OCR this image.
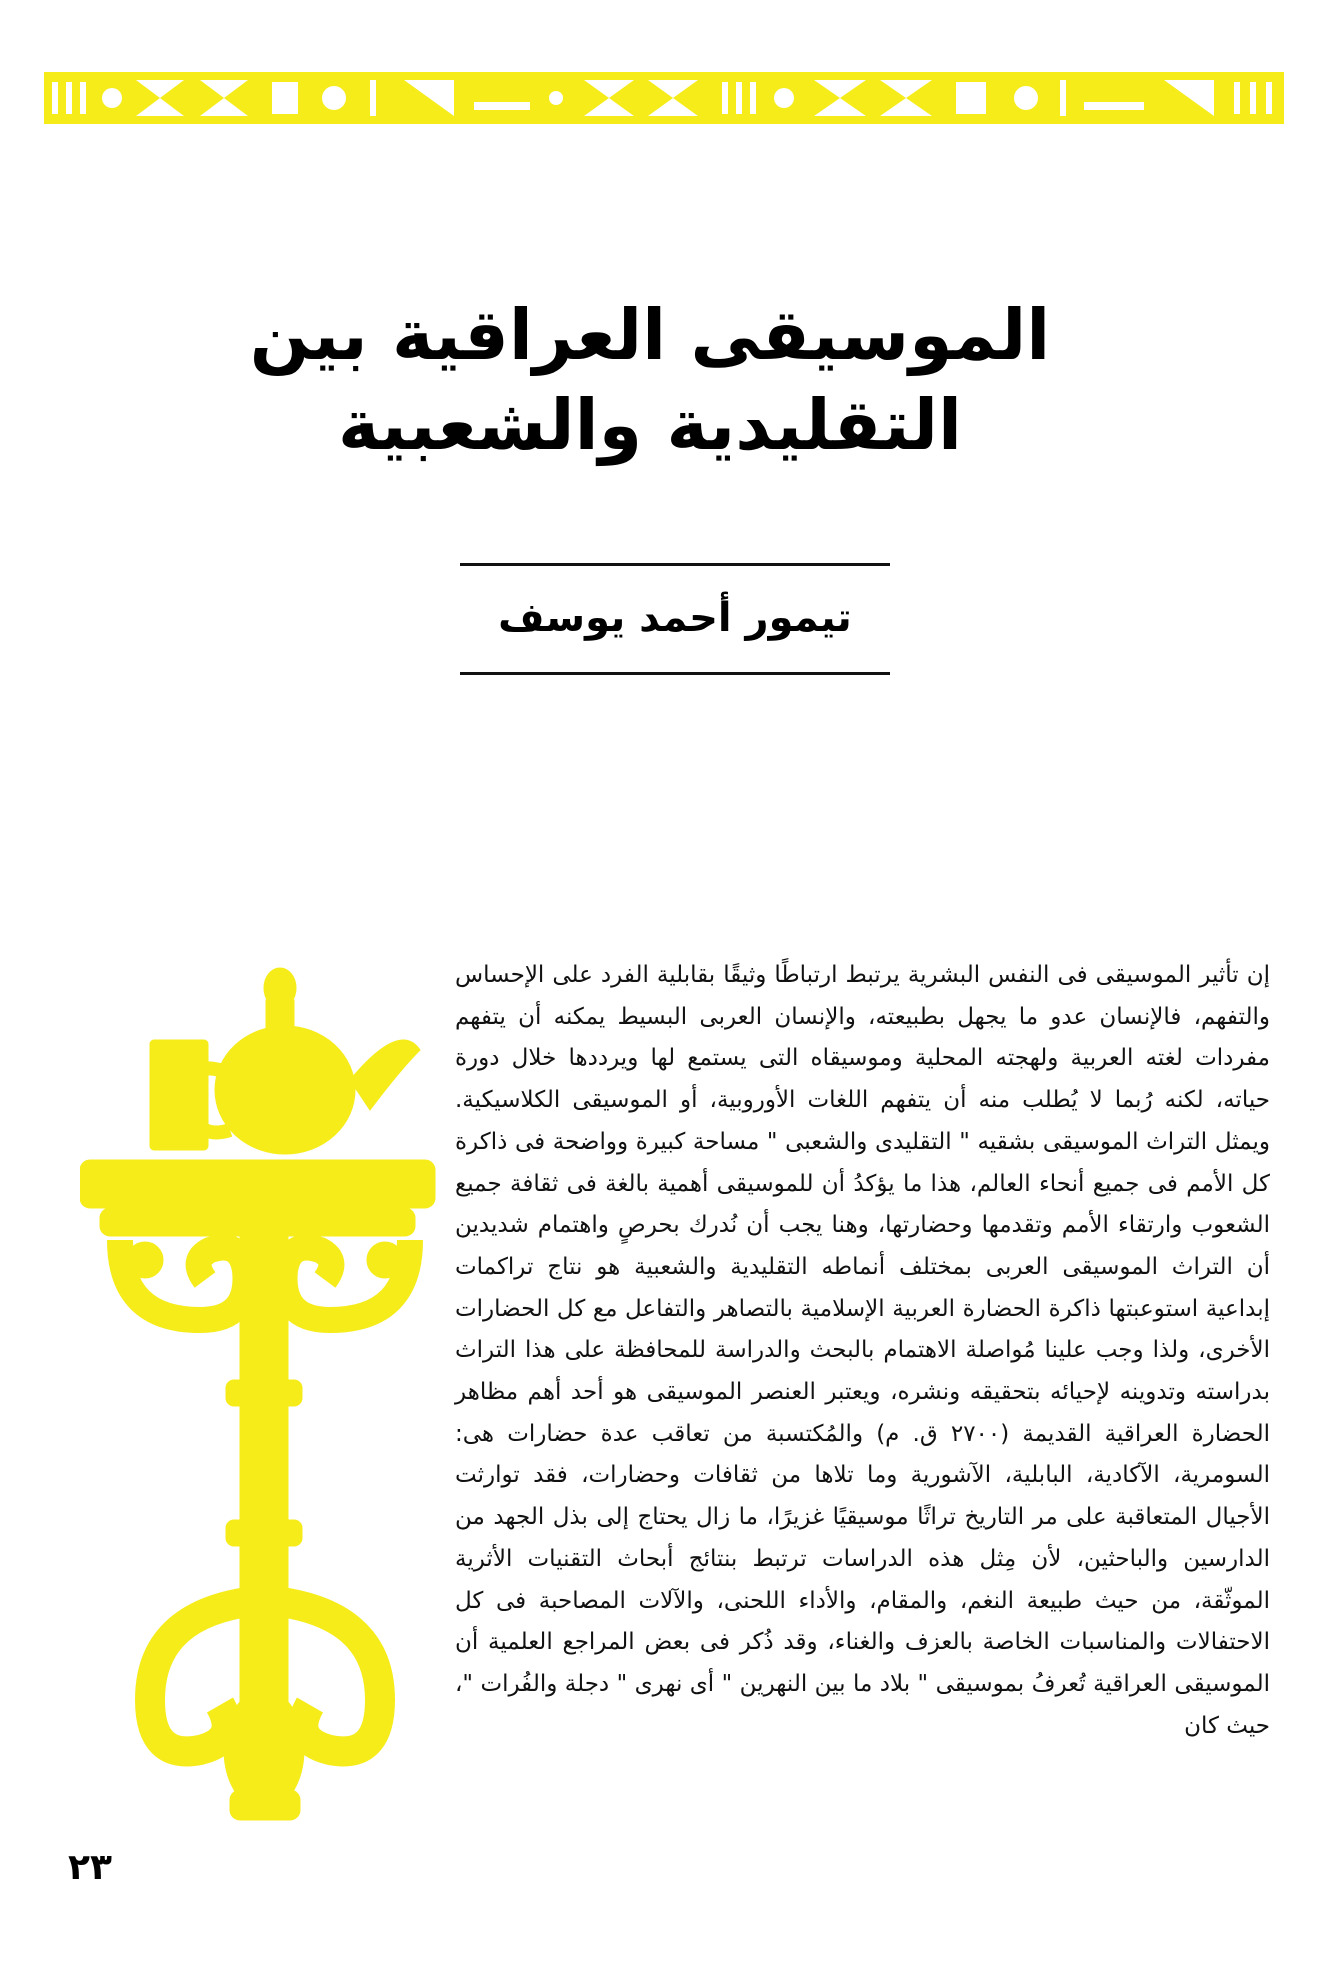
الموسيقى العراقية بين التقليدية والشعبية
تيمور أحمد يوسف

إن تأثير الموسيقى فى النفس البشرية يرتبط ارتباطًا وثيقًا بقابلية الفرد على الإحساس والتفهم، فالإنسان عدو ما يجهل بطبيعته، والإنسان العربى البسيط يمكنه أن يتفهم مفردات لغته العربية ولهجته المحلية وموسيقاه التى يستمع لها ويرددها خلال دورة حياته، لكنه رُبما لا يُطلب منه أن يتفهم اللغات الأوروبية، أو الموسيقى الكلاسيكية. ويمثل التراث الموسيقى بشقيه " التقليدى والشعبى " مساحة كبيرة وواضحة فى ذاكرة كل الأمم فى جميع أنحاء العالم، هذا ما يؤكدُ أن للموسيقى أهمية بالغة فى ثقافة جميع الشعوب وارتقاء الأمم وتقدمها وحضارتها، وهنا يجب أن نُدرك بحرصٍ واهتمام شديدين أن التراث الموسيقى العربى بمختلف أنماطه التقليدية والشعبية هو نتاج تراكمات إبداعية استوعبتها ذاكرة الحضارة العربية الإسلامية بالتصاهر والتفاعل مع كل الحضارات الأخرى، ولذا وجب علينا مُواصلة الاهتمام بالبحث والدراسة للمحافظة على هذا التراث بدراسته وتدوينه لإحيائه بتحقيقه ونشره، ويعتبر العنصر الموسيقى هو أحد أهم مظاهر الحضارة العراقية القديمة (٢٧٠٠ ق. م) والمُكتسبة من تعاقب عدة حضارات هى: السومرية، الآكادية، البابلية، الآشورية وما تلاها من ثقافات وحضارات، فقد توارثت الأجيال المتعاقبة على مر التاريخ تراثًا موسيقيًا غزيرًا، ما زال يحتاج إلى بذل الجهد من الدارسين والباحثين، لأن مِثل هذه الدراسات ترتبط بنتائج أبحاث التقنيات الأثرية الموثّقة، من حيث طبيعة النغم، والمقام، والأداء اللحنى، والآلات المصاحبة فى كل الاحتفالات والمناسبات الخاصة بالعزف والغناء، وقد ذُكر فى بعض المراجع العلمية أن الموسيقى العراقية تُعرفُ بموسيقى " بلاد ما بين النهرين " أى نهرى " دجلة والفُرات "، حيث كان

٢٣
